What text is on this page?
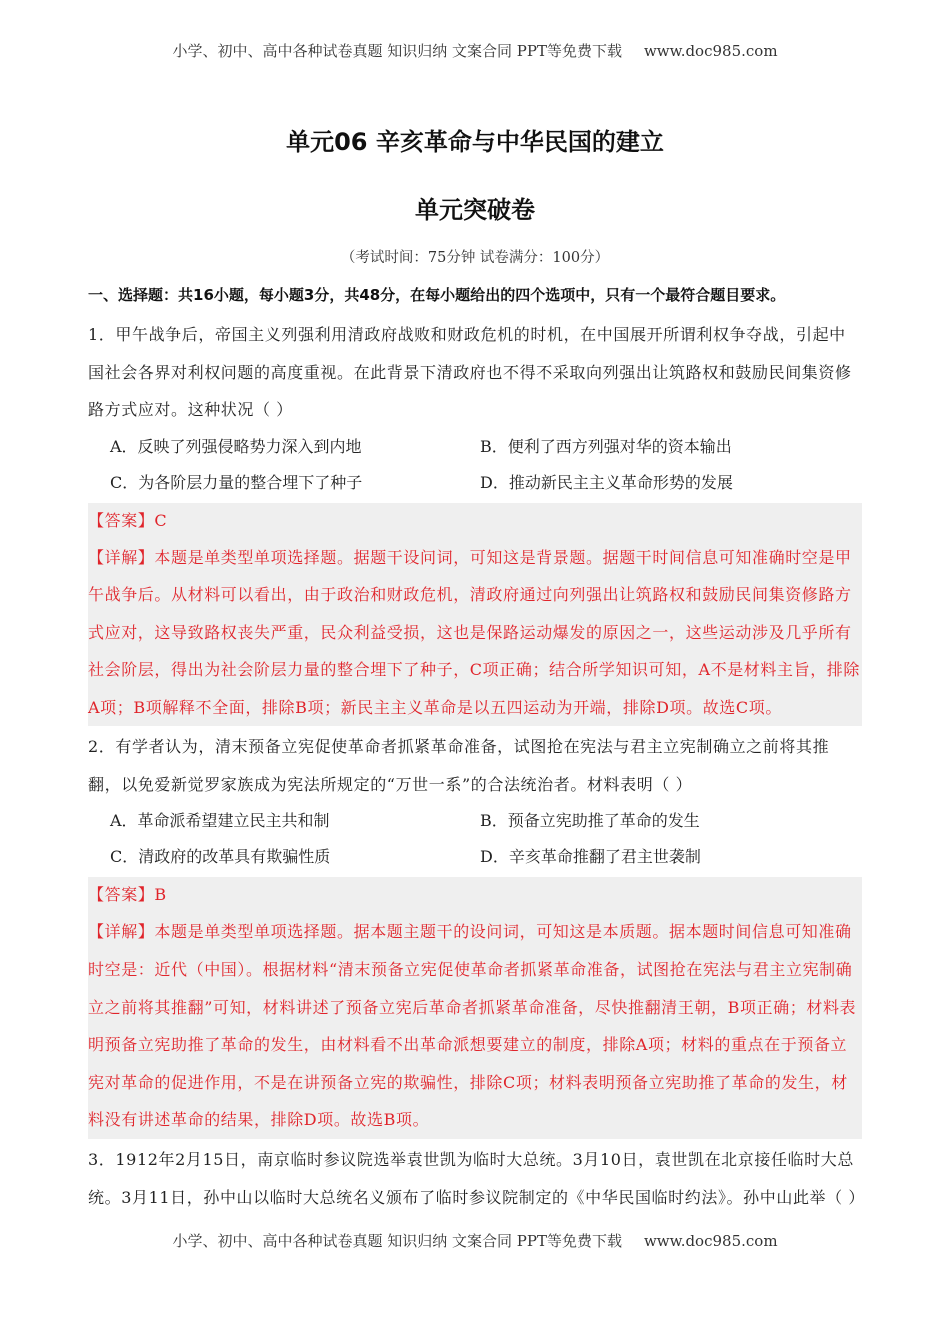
小学、初中、高中各种试卷真题 知识归纳 文案合同 PPT等免费下载 www.doc985.com
单元06 辛亥革命与中华民国的建立
单元突破卷
（考试时间：75分钟 试卷满分：100分）
一、选择题：共16小题，每小题3分，共48分，在每小题给出的四个选项中，只有一个最符合题目要求。
1．甲午战争后，帝国主义列强利用清政府战败和财政危机的时机，在中国展开所谓利权争夺战，引起中国社会各界对利权问题的高度重视。在此背景下清政府也不得不采取向列强出让筑路权和鼓励民间集资修路方式应对。这种状况（ ）
A．反映了列强侵略势力深入到内地	B．便利了西方列强对华的资本输出
C．为各阶层力量的整合埋下了种子	D．推动新民主主义革命形势的发展
【答案】C
【详解】本题是单类型单项选择题。据题干设问词，可知这是背景题。据题干时间信息可知准确时空是甲午战争后。从材料可以看出，由于政治和财政危机，清政府通过向列强出让筑路权和鼓励民间集资修路方式应对，这导致路权丧失严重，民众利益受损，这也是保路运动爆发的原因之一，这些运动涉及几乎所有社会阶层，得出为社会阶层力量的整合埋下了种子，C项正确；结合所学知识可知，A不是材料主旨，排除A项；B项解释不全面，排除B项；新民主主义革命是以五四运动为开端，排除D项。故选C项。
2．有学者认为，清末预备立宪促使革命者抓紧革命准备，试图抢在宪法与君主立宪制确立之前将其推翻，以免爱新觉罗家族成为宪法所规定的“万世一系”的合法统治者。材料表明（ ）
A．革命派希望建立民主共和制	B．预备立宪助推了革命的发生
C．清政府的改革具有欺骗性质	D．辛亥革命推翻了君主世袭制
【答案】B
【详解】本题是单类型单项选择题。据本题主题干的设问词，可知这是本质题。据本题时间信息可知准确时空是：近代（中国）。根据材料“清末预备立宪促使革命者抓紧革命准备，试图抢在宪法与君主立宪制确立之前将其推翻”可知，材料讲述了预备立宪后革命者抓紧革命准备，尽快推翻清王朝，B项正确；材料表明预备立宪助推了革命的发生，由材料看不出革命派想要建立的制度，排除A项；材料的重点在于预备立宪对革命的促进作用，不是在讲预备立宪的欺骗性，排除C项；材料表明预备立宪助推了革命的发生，材料没有讲述革命的结果，排除D项。故选B项。
3．1912年2月15日，南京临时参议院选举袁世凯为临时大总统。3月10日，袁世凯在北京接任临时大总统。3月11日，孙中山以临时大总统名义颁布了临时参议院制定的《中华民国临时约法》。孙中山此举（ ）
小学、初中、高中各种试卷真题 知识归纳 文案合同 PPT等免费下载 www.doc985.com
